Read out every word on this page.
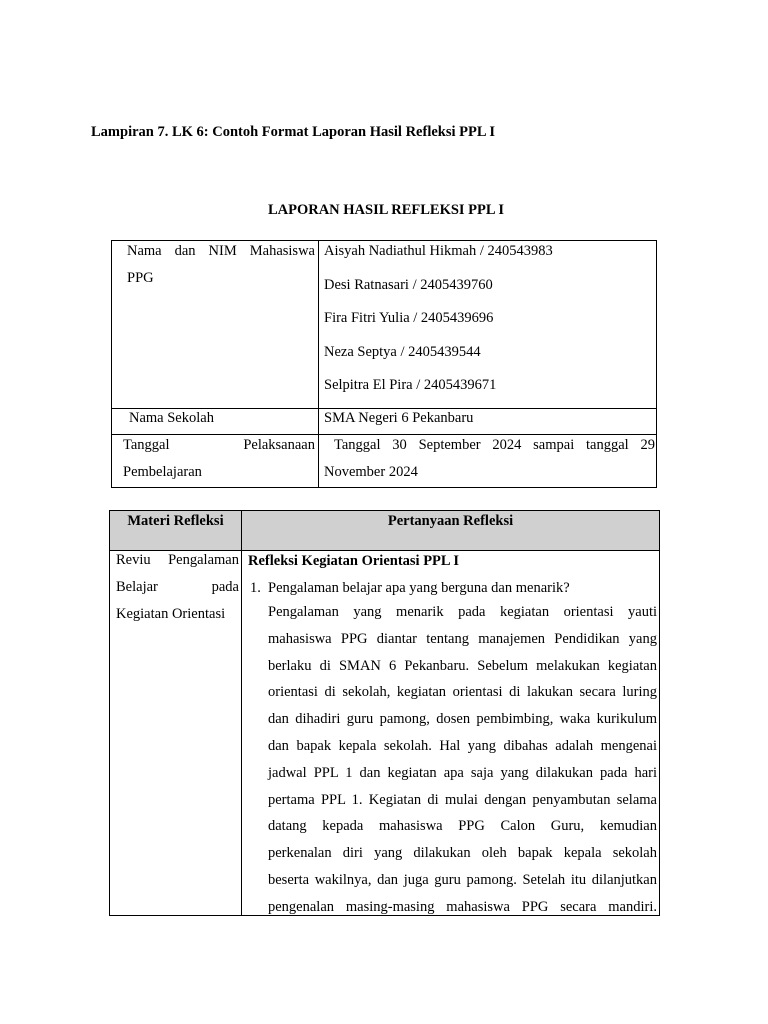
Lampiran 7. LK 6: Contoh Format Laporan Hasil Refleksi PPL I
LAPORAN HASIL REFLEKSI PPL I
Nama dan NIM Mahasiswa
PPG
Aisyah Nadiathul Hikmah / 240543983
Desi Ratnasari / 2405439760
Fira Fitri Yulia / 2405439696
Neza Septya / 2405439544
Selpitra El Pira / 2405439671
Nama Sekolah	SMA Negeri 6 Pekanbaru
Tanggal Pelaksanaan
Pembelajaran
Tanggal 30 September 2024 sampai tanggal 29
November 2024
Materi Refleksi	Pertanyaan Refleksi
Reviu Pengalaman
Belajar pada
Kegiatan Orientasi
Refleksi Kegiatan Orientasi PPL I
1. Pengalaman belajar apa yang berguna dan menarik?
Pengalaman yang menarik pada kegiatan orientasi yauti
mahasiswa PPG diantar tentang manajemen Pendidikan yang
berlaku di SMAN 6 Pekanbaru. Sebelum melakukan kegiatan
orientasi di sekolah, kegiatan orientasi di lakukan secara luring
dan dihadiri guru pamong, dosen pembimbing, waka kurikulum
dan bapak kepala sekolah. Hal yang dibahas adalah mengenai
jadwal PPL 1 dan kegiatan apa saja yang dilakukan pada hari
pertama PPL 1. Kegiatan di mulai dengan penyambutan selama
datang kepada mahasiswa PPG Calon Guru, kemudian
perkenalan diri yang dilakukan oleh bapak kepala sekolah
beserta wakilnya, dan juga guru pamong. Setelah itu dilanjutkan
pengenalan masing-masing mahasiswa PPG secara mandiri.
